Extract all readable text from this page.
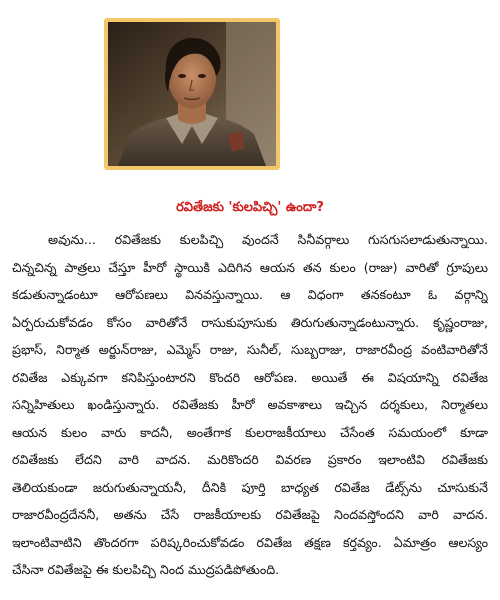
రవితేజకు 'కులపిచ్చి' ఉందా?
అవును... రవితేజకు కులపిచ్చి వుందనే సినీవర్గాలు గుసగుసలాడుతున్నాయి.
చిన్నచిన్న పాత్రలు చేస్తూ హీరో స్థాయికి ఎదిగిన ఆయన తన కులం (రాజు) వారితో గ్రూపులు
కడుతున్నాడంటూ ఆరోపణలు వినవస్తున్నాయి. ఆ విధంగా తనకంటూ ఓ వర్గాన్ని
ఏర్పరుచుకోవడం కోసం వారితోనే రాసుకుపూసుకు తిరుగుతున్నాడంటున్నారు. కృష్ణంరాజు,
ప్రభాస్, నిర్మాత అర్జున్‌రాజు, ఎమ్మెస్ రాజు, సునీల్, సుబ్బరాజు, రాజారవీంద్ర వంటివారితోనే
రవితేజ ఎక్కువగా కనిపిస్తుంటారని కొందరి ఆరోపణ. అయితే ఈ విషయాన్ని రవితేజ
సన్నిహితులు ఖండిస్తున్నారు. రవితేజకు హీరో అవకాశాలు ఇచ్చిన దర్శకులు, నిర్మాతలు
ఆయన కులం వారు కాదనీ, అంతేగాక కులరాజకీయాలు చేసేంత సమయంలో కూడా
రవితేజకు లేదని వారి వాదన. మరికొందరి వివరణ ప్రకారం ఇలాంటివి రవితేజకు
తెలియకుండా జరుగుతున్నాయనీ, దీనికి పూర్తి బాధ్యత రవితేజ డేట్స్‌ను చూసుకునే
రాజారవీంద్రదేననీ, అతను చేసే రాజకీయాలకు రవితేజపై నిందవస్తోందని వారి వాదన.
ఇలాంటివాటిని తొందరగా పరిష్కరించుకోవడం రవితేజ తక్షణ కర్తవ్యం. ఏమాత్రం ఆలస్యం
చేసినా రవితేజపై ఈ కులపిచ్చి నింద ముద్రపడిపోతుంది.
